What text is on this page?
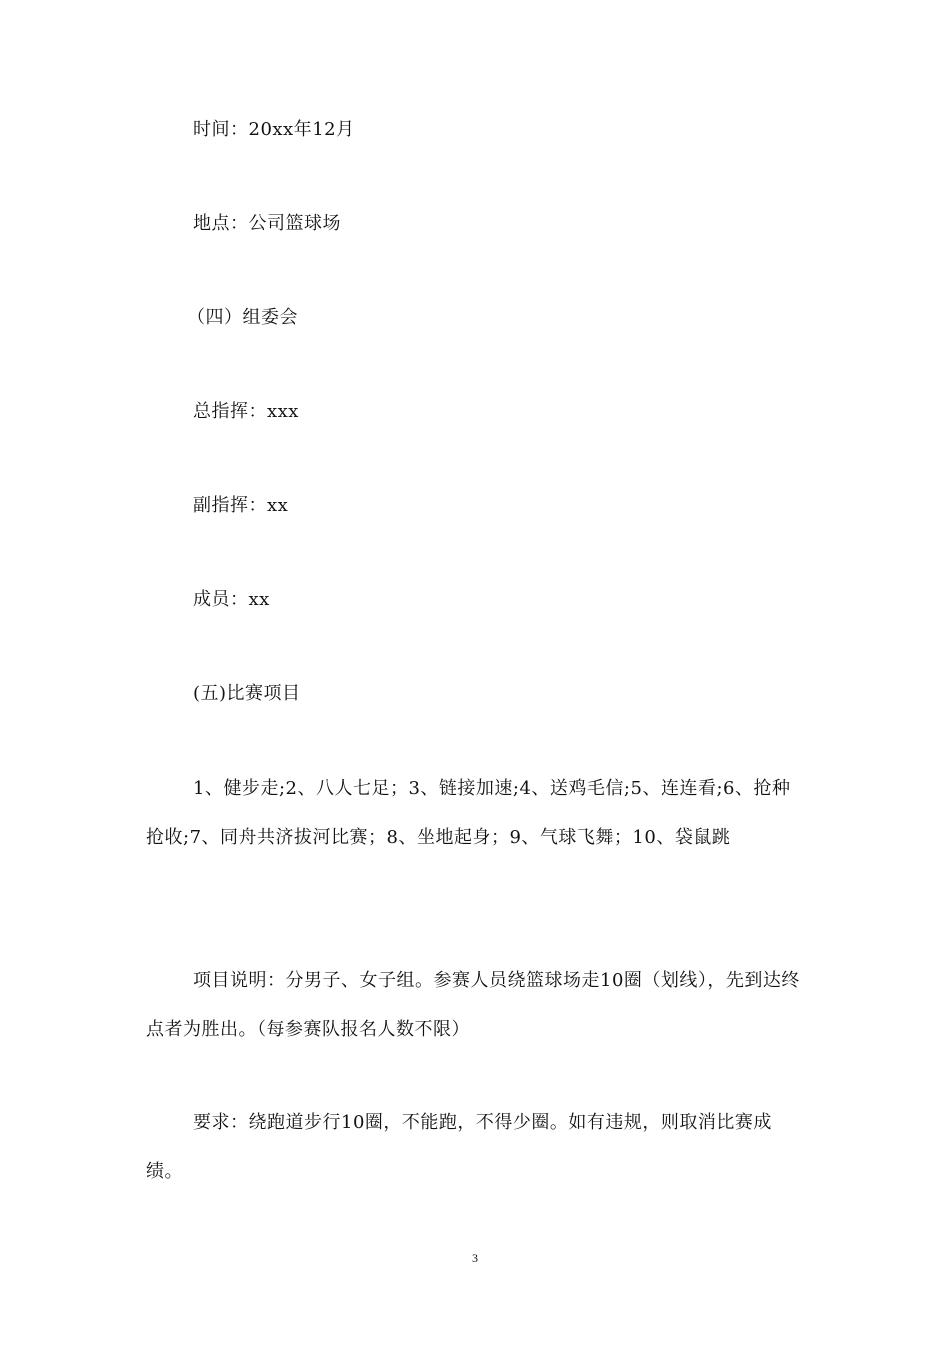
时间：20xx年12月
地点：公司篮球场
（四）组委会
总指挥：xxx
副指挥：xx
成员：xx
(五)比赛项目
1、健步走;2、八人七足；3、链接加速;4、送鸡毛信;5、连连看;6、抢种抢收;7、同舟共济拔河比赛；8、坐地起身；9、气球飞舞；10、袋鼠跳
项目说明：分男子、女子组。参赛人员绕篮球场走10圈（划线），先到达终点者为胜出。（每参赛队报名人数不限）
要求：绕跑道步行10圈，不能跑，不得少圈。如有违规，则取消比赛成绩。
3
